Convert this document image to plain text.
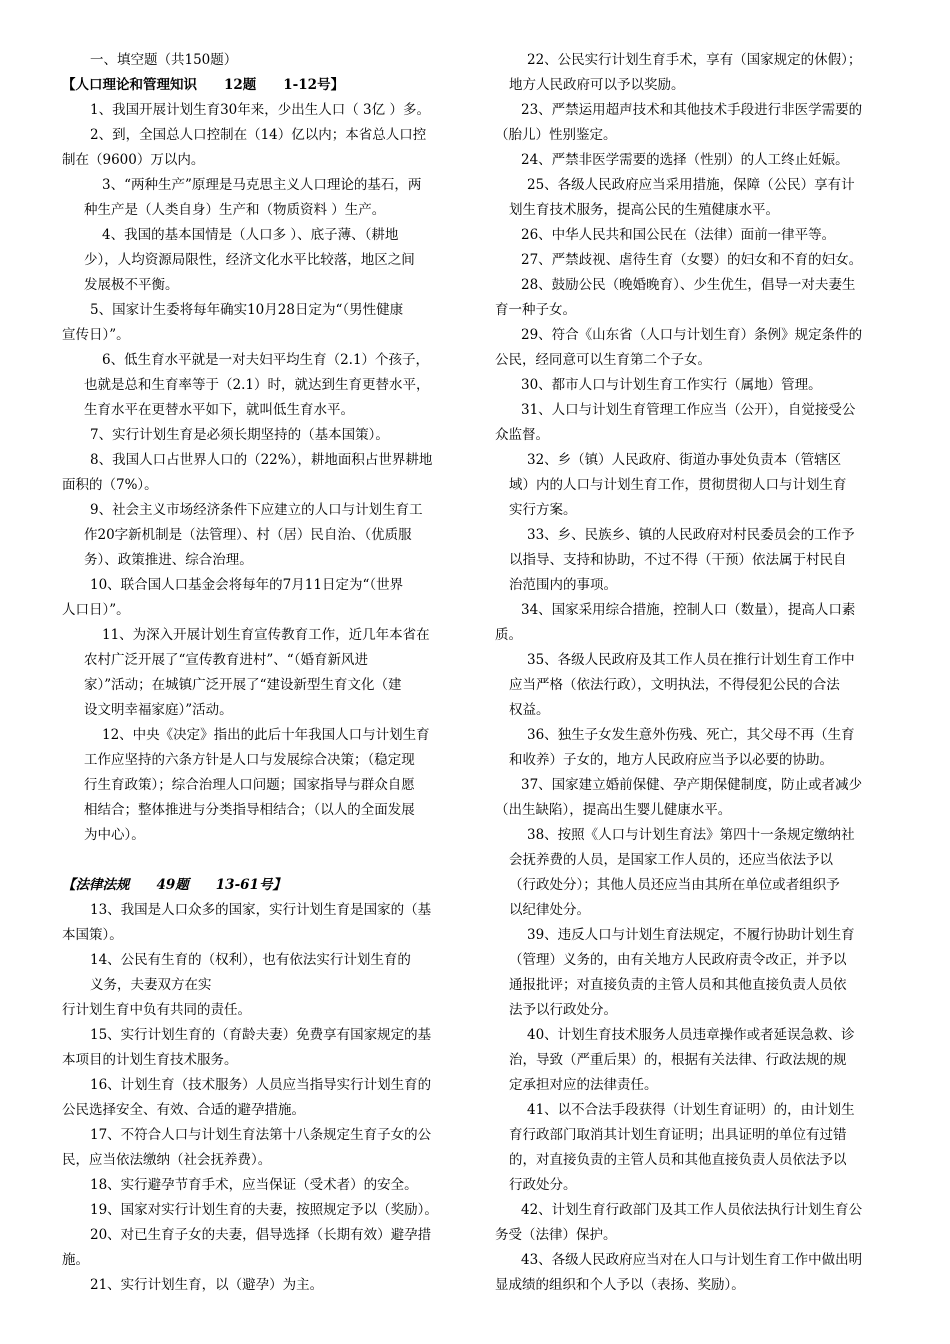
一、填空题（共150题）
【人口理论和管理知识　　12题　　1-12号】
1、我国开展计划生育30年来，少出生人口（ 3亿 ）多。
2、到，全国总人口控制在（14）亿以内；本省总人口控
制在（9600）万以内。
3、“两种生产”原理是马克思主义人口理论的基石，两
种生产是（人类自身）生产和（物质资料 ）生产。
4、我国的基本国情是（人口多 ）、底子薄、（耕地
少），人均资源局限性，经济文化水平比较落，地区之间
发展极不平衡。
5、国家计生委将每年确实10月28日定为“（男性健康
宣传日）”。
6、低生育水平就是一对夫妇平均生育（2.1）个孩子，
也就是总和生育率等于（2.1）时，就达到生育更替水平，
生育水平在更替水平如下，就叫低生育水平。
7、实行计划生育是必须长期坚持的（基本国策）。
8、我国人口占世界人口的（22%），耕地面积占世界耕地
面积的（7%）。
9、社会主义市场经济条件下应建立的人口与计划生育工
作20字新机制是（法管理）、村（居）民自治、（优质服
务）、政策推进、综合治理。
10、联合国人口基金会将每年的7月11日定为“（世界
人口日）”。
11、为深入开展计划生育宣传教育工作，近几年本省在
农村广泛开展了“宣传教育进村”、“（婚育新风进
家）”活动；在城镇广泛开展了“建设新型生育文化（建
设文明幸福家庭）”活动。
12、中央《决定》指出的此后十年我国人口与计划生育
工作应坚持的六条方针是人口与发展综合决策；（稳定现
行生育政策）；综合治理人口问题；国家指导与群众自愿
相结合；整体推进与分类指导相结合；（以人的全面发展
为中心）。
【法律法规　　49题　　13-61号】
13、我国是人口众多的国家，实行计划生育是国家的（基
本国策）。
14、公民有生育的（权利），也有依法实行计划生育的
义务，夫妻双方在实
行计划生育中负有共同的责任。
15、实行计划生育的（育龄夫妻）免费享有国家规定的基
本项目的计划生育技术服务。
16、计划生育（技术服务）人员应当指导实行计划生育的
公民选择安全、有效、合适的避孕措施。
17、不符合人口与计划生育法第十八条规定生育子女的公
民，应当依法缴纳（社会抚养费）。
18、实行避孕节育手术，应当保证（受术者）的安全。
19、国家对实行计划生育的夫妻，按照规定予以（奖励）。
20、对已生育子女的夫妻，倡导选择（长期有效）避孕措
施。
21、实行计划生育，以（避孕）为主。
22、公民实行计划生育手术，享有（国家规定的休假）；
地方人民政府可以予以奖励。
23、严禁运用超声技术和其他技术手段进行非医学需要的
（胎儿）性别鉴定。
24、严禁非医学需要的选择（性别）的人工终止妊娠。
25、各级人民政府应当采用措施，保障（公民）享有计
划生育技术服务，提高公民的生殖健康水平。
26、中华人民共和国公民在（法律）面前一律平等。
27、严禁歧视、虐待生育（女婴）的妇女和不育的妇女。
28、鼓励公民（晚婚晚育）、少生优生，倡导一对夫妻生
育一种子女。
29、符合《山东省（人口与计划生育）条例》规定条件的
公民，经同意可以生育第二个子女。
30、都市人口与计划生育工作实行（属地）管理。
31、人口与计划生育管理工作应当（公开），自觉接受公
众监督。
32、乡（镇）人民政府、街道办事处负责本（管辖区
域）内的人口与计划生育工作，贯彻贯彻人口与计划生育
实行方案。
33、乡、民族乡、镇的人民政府对村民委员会的工作予
以指导、支持和协助，不过不得（干预）依法属于村民自
治范围内的事项。
34、国家采用综合措施，控制人口（数量），提高人口素
质。
35、各级人民政府及其工作人员在推行计划生育工作中
应当严格（依法行政），文明执法，不得侵犯公民的合法
权益。
36、独生子女发生意外伤残、死亡，其父母不再（生育
和收养）子女的，地方人民政府应当予以必要的协助。
37、国家建立婚前保健、孕产期保健制度，防止或者减少
（出生缺陷），提高出生婴儿健康水平。
38、按照《人口与计划生育法》第四十一条规定缴纳社
会抚养费的人员，是国家工作人员的，还应当依法予以
（行政处分）；其他人员还应当由其所在单位或者组织予
以纪律处分。
39、违反人口与计划生育法规定，不履行协助计划生育
（管理）义务的，由有关地方人民政府责令改正，并予以
通报批评；对直接负责的主管人员和其他直接负责人员依
法予以行政处分。
40、计划生育技术服务人员违章操作或者延误急救、诊
治，导致（严重后果）的，根据有关法律、行政法规的规
定承担对应的法律责任。
41、以不合法手段获得（计划生育证明）的，由计划生
育行政部门取消其计划生育证明；出具证明的单位有过错
的，对直接负责的主管人员和其他直接负责人员依法予以
行政处分。
42、计划生育行政部门及其工作人员依法执行计划生育公
务受（法律）保护。
43、各级人民政府应当对在人口与计划生育工作中做出明
显成绩的组织和个人予以（表扬、奖励）。
